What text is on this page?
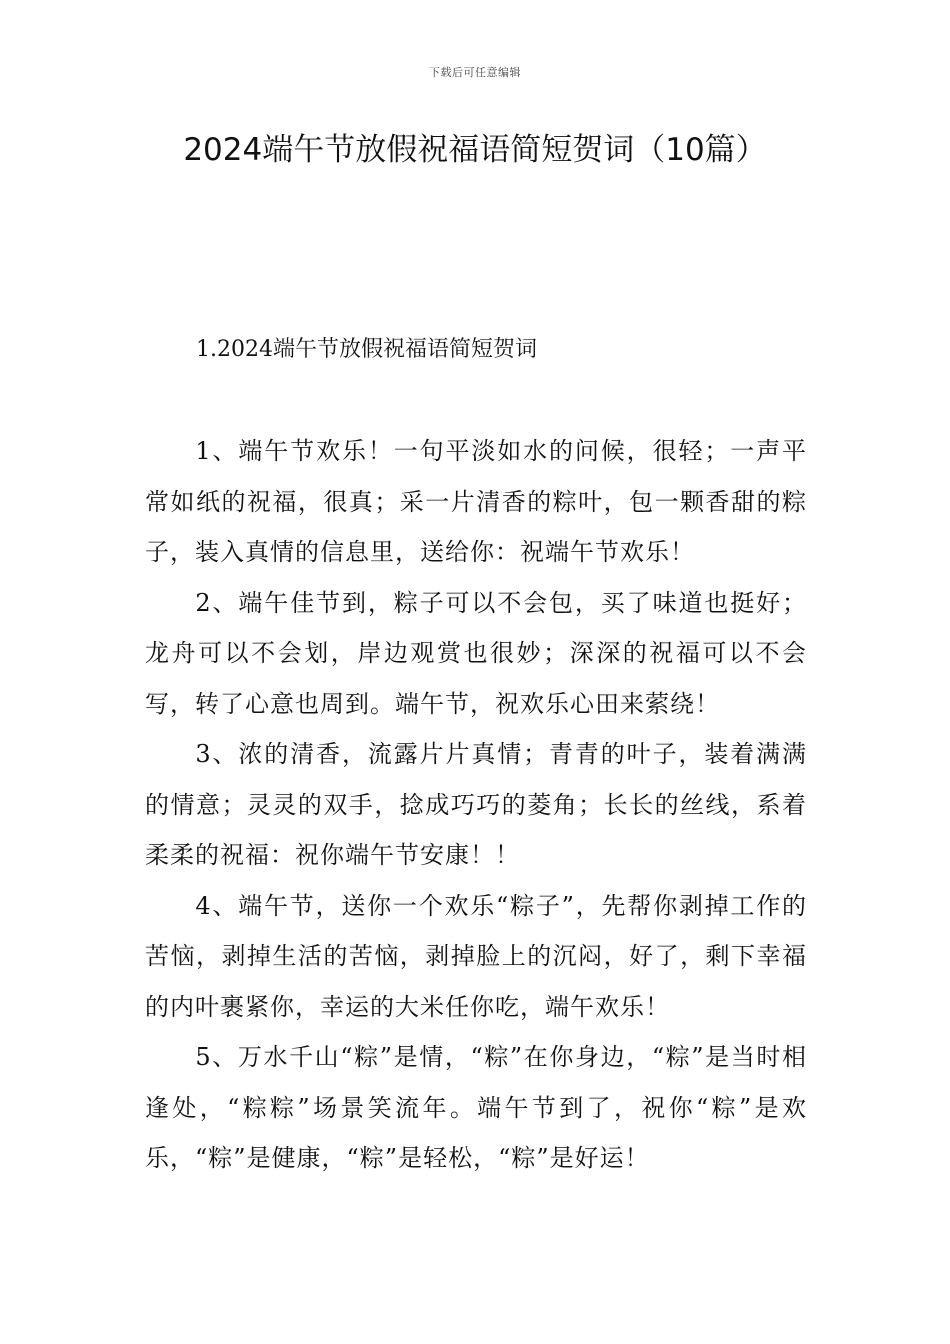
下载后可任意编辑
2024端午节放假祝福语简短贺词（10篇）
1.2024端午节放假祝福语简短贺词

1、端午节欢乐！一句平淡如水的问候，很轻；一声平常如纸的祝福，很真；采一片清香的粽叶，包一颗香甜的粽子，装入真情的信息里，送给你：祝端午节欢乐！

2、端午佳节到，粽子可以不会包，买了味道也挺好；龙舟可以不会划，岸边观赏也很妙；深深的祝福可以不会写，转了心意也周到。端午节，祝欢乐心田来萦绕！

3、浓的清香，流露片片真情；青青的叶子，装着满满的情意；灵灵的双手，捻成巧巧的菱角；长长的丝线，系着柔柔的祝福：祝你端午节安康！！

4、端午节，送你一个欢乐“粽子”，先帮你剥掉工作的苦恼，剥掉生活的苦恼，剥掉脸上的沉闷，好了，剩下幸福的内叶裹紧你，幸运的大米任你吃，端午欢乐！

5、万水千山“粽”是情，“粽”在你身边，“粽”是当时相逢处，“粽粽”场景笑流年。端午节到了，祝你“粽”是欢乐，“粽”是健康，“粽”是轻松，“粽”是好运！
